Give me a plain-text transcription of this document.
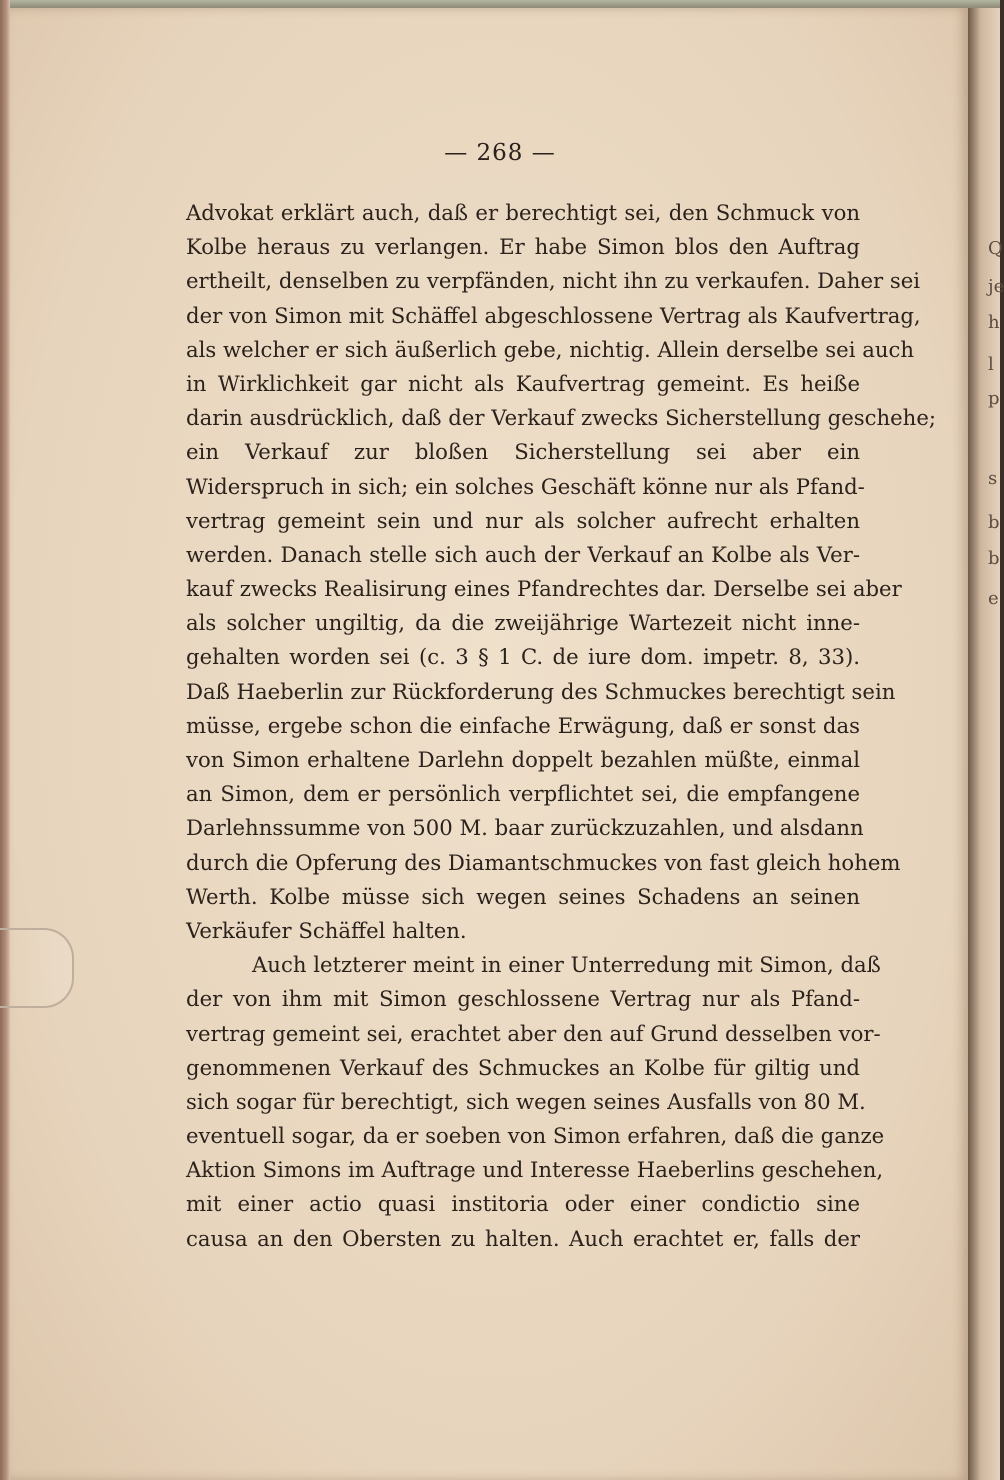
Q
je
h
l
p
s
b
b
e
— 268 —
Advokat erklärt auch, daß er berechtigt sei, den Schmuck von
Kolbe heraus zu verlangen. Er habe Simon blos den Auftrag
ertheilt, denselben zu verpfänden, nicht ihn zu verkaufen. Daher sei
der von Simon mit Schäffel abgeschlossene Vertrag als Kaufvertrag,
als welcher er sich äußerlich gebe, nichtig. Allein derselbe sei auch
in Wirklichkeit gar nicht als Kaufvertrag gemeint. Es heiße
darin ausdrücklich, daß der Verkauf zwecks Sicherstellung geschehe;
ein Verkauf zur bloßen Sicherstellung sei aber ein
Widerspruch in sich; ein solches Geschäft könne nur als Pfand-
vertrag gemeint sein und nur als solcher aufrecht erhalten
werden. Danach stelle sich auch der Verkauf an Kolbe als Ver-
kauf zwecks Realisirung eines Pfandrechtes dar. Derselbe sei aber
als solcher ungiltig, da die zweijährige Wartezeit nicht inne-
gehalten worden sei (c. 3 § 1 C. de iure dom. impetr. 8, 33).
Daß Haeberlin zur Rückforderung des Schmuckes berechtigt sein
müsse, ergebe schon die einfache Erwägung, daß er sonst das
von Simon erhaltene Darlehn doppelt bezahlen müßte, einmal
an Simon, dem er persönlich verpflichtet sei, die empfangene
Darlehnssumme von 500 M. baar zurückzuzahlen, und alsdann
durch die Opferung des Diamantschmuckes von fast gleich hohem
Werth. Kolbe müsse sich wegen seines Schadens an seinen
Verkäufer Schäffel halten.
Auch letzterer meint in einer Unterredung mit Simon, daß
der von ihm mit Simon geschlossene Vertrag nur als Pfand-
vertrag gemeint sei, erachtet aber den auf Grund desselben vor-
genommenen Verkauf des Schmuckes an Kolbe für giltig und
sich sogar für berechtigt, sich wegen seines Ausfalls von 80 M.
eventuell sogar, da er soeben von Simon erfahren, daß die ganze
Aktion Simons im Auftrage und Interesse Haeberlins geschehen,
mit einer actio quasi institoria oder einer condictio sine
causa an den Obersten zu halten. Auch erachtet er, falls der
